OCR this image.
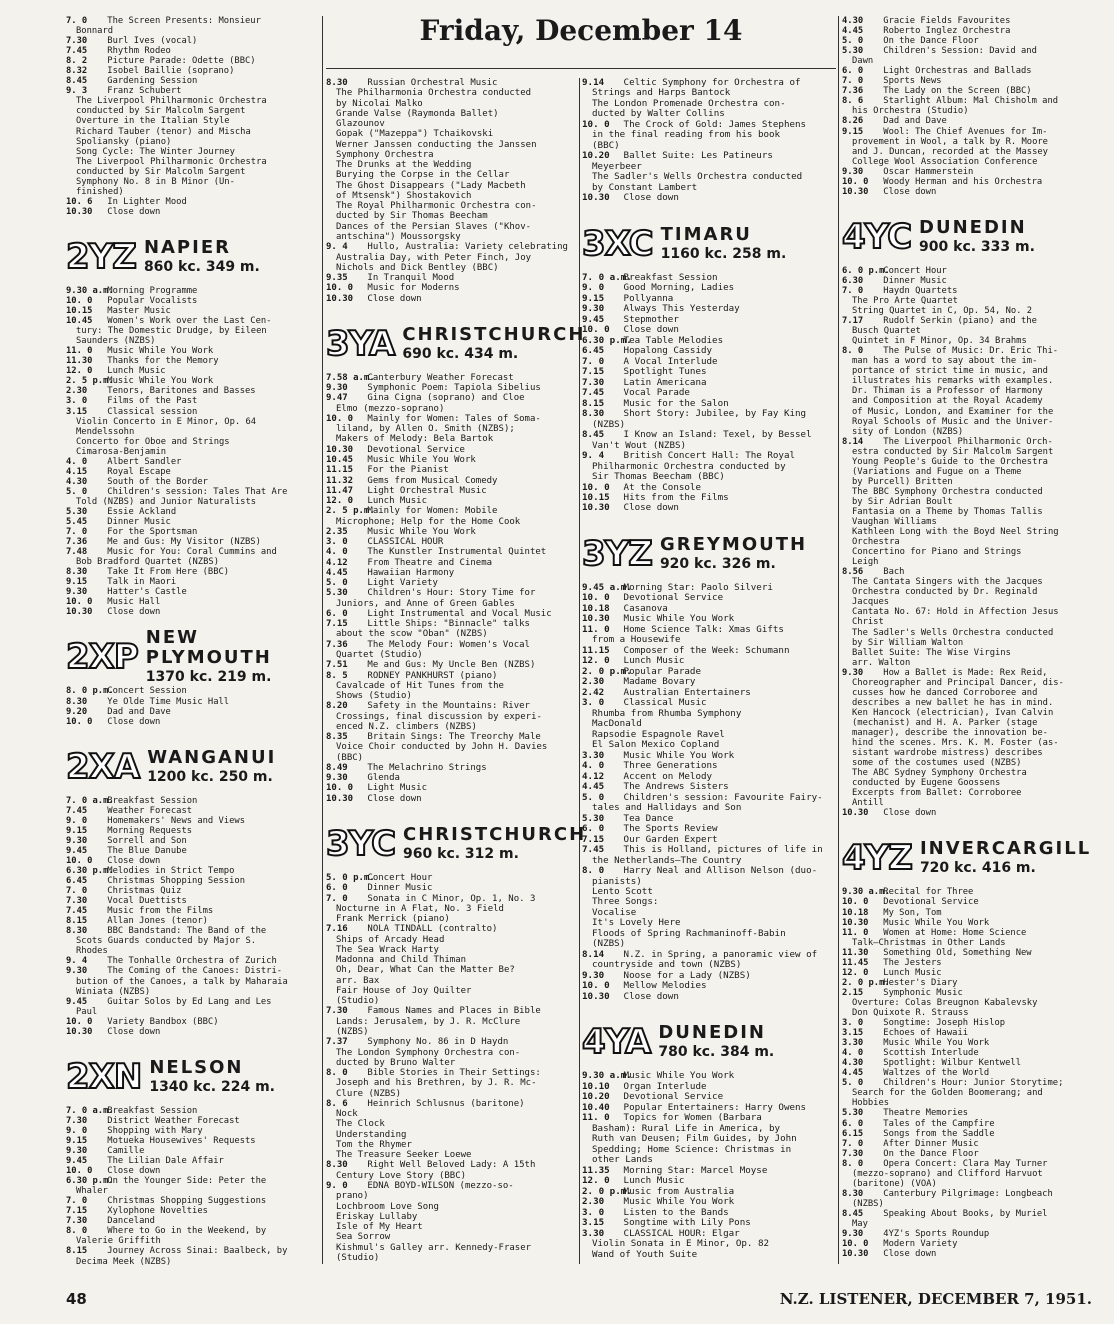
Friday, December 14
7. 0 The Screen Presents: Monsieur
Bonnard
7.30 Burl Ives (vocal)
7.45 Rhythm Rodeo
8. 2 Picture Parade: Odette (BBC)
8.32 Isobel Baillie (soprano)
8.45 Gardening Session
9. 3 Franz Schubert
The Liverpool Philharmonic Orchestra
conducted by Sir Malcolm Sargent
Overture in the Italian Style
Richard Tauber (tenor) and Mischa
Spoliansky (piano)
Song Cycle: The Winter Journey
The Liverpool Philharmonic Orchestra
conducted by Sir Malcolm Sargent
Symphony No. 8 in B Minor (Un-
finished)
10. 6 In Lighter Mood
10.30 Close down
2YZ NAPIER
860 kc. 349 m.
9.30 a.m. Morning Programme
10. 0 Popular Vocalists
10.15 Master Music
10.45 Women's Work over the Last Cen-
tury: The Domestic Drudge, by Eileen
Saunders (NZBS)
11. 0 Music While You Work
11.30 Thanks for the Memory
12. 0 Lunch Music
2. 5 p.m. Music While You Work
2.30 Tenors, Baritones and Basses
3. 0 Films of the Past
3.15 Classical session
Violin Concerto in E Minor, Op. 64
Mendelssohn
Concerto for Oboe and Strings
Cimarosa-Benjamin
4. 0 Albert Sandler
4.15 Royal Escape
4.30 South of the Border
5. 0 Children's session: Tales That Are
Told (NZBS) and Junior Naturalists
5.30 Essie Ackland
5.45 Dinner Music
7. 0 For the Sportsman
7.36 Me and Gus: My Visitor (NZBS)
7.48 Music for You: Coral Cummins and
Bob Bradford Quartet (NZBS)
8.30 Take It From Here (BBC)
9.15 Talk in Maori
9.30 Hatter's Castle
10. 0 Music Hall
10.30 Close down
2XP NEW PLYMOUTH
1370 kc. 219 m.
8. 0 p.m. Concert Session
8.30 Ye Olde Time Music Hall
9.20 Dad and Dave
10. 0 Close down
2XA WANGANUI
1200 kc. 250 m.
7. 0 a.m. Breakfast Session
7.45 Weather Forecast
9. 0 Homemakers' News and Views
9.15 Morning Requests
9.30 Sorrell and Son
9.45 The Blue Danube
10. 0 Close down
6.30 p.m. Melodies in Strict Tempo
6.45 Christmas Shopping Session
7. 0 Christmas Quiz
7.30 Vocal Duettists
7.45 Music from the Films
8.15 Allan Jones (tenor)
8.30 BBC Bandstand: The Band of the
Scots Guards conducted by Major S.
Rhodes
9. 4 The Tonhalle Orchestra of Zurich
9.30 The Coming of the Canoes: Distri-
bution of the Canoes, a talk by Maharaia
Winiata (NZBS)
9.45 Guitar Solos by Ed Lang and Les
Paul
10. 0 Variety Bandbox (BBC)
10.30 Close down
2XN NELSON
1340 kc. 224 m.
7. 0 a.m. Breakfast Session
7.30 District Weather Forecast
9. 0 Shopping with Mary
9.15 Motueka Housewives' Requests
9.30 Camille
9.45 The Lilian Dale Affair
10. 0 Close down
6.30 p.m. On the Younger Side: Peter the
Whaler
7. 0 Christmas Shopping Suggestions
7.15 Xylophone Novelties
7.30 Danceland
8. 0 Where to Go in the Weekend, by
Valerie Griffith
8.15 Journey Across Sinai: Baalbeck, by
Decima Meek (NZBS)
8.30 Russian Orchestral Music
The Philharmonia Orchestra conducted
by Nicolai Malko
Grande Valse (Raymonda Ballet)
Glazounov
Gopak ("Mazeppa") Tchaikovski
Werner Janssen conducting the Janssen
Symphony Orchestra
The Drunks at the Wedding
Burying the Corpse in the Cellar
The Ghost Disappears ("Lady Macbeth
of Mtsensk") Shostakovich
The Royal Philharmonic Orchestra con-
ducted by Sir Thomas Beecham
Dances of the Persian Slaves ("Khov-
antschina") Moussorgsky
9. 4 Hullo, Australia: Variety celebrating
Australia Day, with Peter Finch, Joy
Nichols and Dick Bentley (BBC)
9.35 In Tranquil Mood
10. 0 Music for Moderns
10.30 Close down
3YA CHRISTCHURCH
690 kc. 434 m.
7.58 a.m. Canterbury Weather Forecast
9.30 Symphonic Poem: Tapiola Sibelius
9.47 Gina Cigna (soprano) and Cloe
Elmo (mezzo-soprano)
10. 0 Mainly for Women: Tales of Soma-
liland, by Allen O. Smith (NZBS);
Makers of Melody: Bela Bartok
10.30 Devotional Service
10.45 Music While You Work
11.15 For the Pianist
11.32 Gems from Musical Comedy
11.47 Light Orchestral Music
12. 0 Lunch Music
2. 5 p.m. Mainly for Women: Mobile
Microphone; Help for the Home Cook
2.35 Music While You Work
3. 0 CLASSICAL HOUR
4. 0 The Kunstler Instrumental Quintet
4.12 From Theatre and Cinema
4.45 Hawaiian Harmony
5. 0 Light Variety
5.30 Children's Hour: Story Time for
Juniors, and Anne of Green Gables
6. 0 Light Instrumental and Vocal Music
7.15 Little Ships: "Binnacle" talks
about the scow "Oban" (NZBS)
7.36 The Melody Four: Women's Vocal
Quartet (Studio)
7.51 Me and Gus: My Uncle Ben (NZBS)
8. 5 RODNEY PANKHURST (piano)
Cavalcade of Hit Tunes from the
Shows (Studio)
8.20 Safety in the Mountains: River
Crossings, final discussion by experi-
enced N.Z. climbers (NZBS)
8.35 Britain Sings: The Treorchy Male
Voice Choir conducted by John H. Davies
(BBC)
8.49 The Melachrino Strings
9.30 Glenda
10. 0 Light Music
10.30 Close down
3YC CHRISTCHURCH
960 kc. 312 m.
5. 0 p.m. Concert Hour
6. 0 Dinner Music
7. 0 Sonata in C Minor, Op. 1, No. 3
Nocturne in A Flat, No. 3 Field
Frank Merrick (piano)
7.16 NOLA TINDALL (contralto)
Ships of Arcady Head
The Sea Wrack Harty
Madonna and Child Thiman
Oh, Dear, What Can the Matter Be?
arr. Bax
Fair House of Joy Quilter
(Studio)
7.30 Famous Names and Places in Bible
Lands: Jerusalem, by J. R. McClure
(NZBS)
7.37 Symphony No. 86 in D Haydn
The London Symphony Orchestra con-
ducted by Bruno Walter
8. 0 Bible Stories in Their Settings:
Joseph and his Brethren, by J. R. Mc-
Clure (NZBS)
8. 6 Heinrich Schlusnus (baritone)
Nock
The Clock
Understanding
Tom the Rhymer
The Treasure Seeker Loewe
8.30 Right Well Beloved Lady: A 15th
Century Love Story (BBC)
9. 0 EDNA BOYD-WILSON (mezzo-so-
prano)
Lochbroom Love Song
Eriskay Lullaby
Isle of My Heart
Sea Sorrow
Kishmul's Galley arr. Kennedy-Fraser
(Studio)
9.14 Celtic Symphony for Orchestra of
Strings and Harps Bantock
The London Promenade Orchestra con-
ducted by Walter Collins
10. 0 The Crock of Gold: James Stephens
in the final reading from his book
(BBC)
10.20 Ballet Suite: Les Patineurs
Meyerbeer
The Sadler's Wells Orchestra conducted
by Constant Lambert
10.30 Close down
3XC TIMARU
1160 kc. 258 m.
7. 0 a.m. Breakfast Session
9. 0 Good Morning, Ladies
9.15 Pollyanna
9.30 Always This Yesterday
9.45 Stepmother
10. 0 Close down
6.30 p.m. Tea Table Melodies
6.45 Hopalong Cassidy
7. 0 A Vocal Interlude
7.15 Spotlight Tunes
7.30 Latin Americana
7.45 Vocal Parade
8.15 Music for the Salon
8.30 Short Story: Jubilee, by Fay King
(NZBS)
8.45 I Know an Island: Texel, by Bessel
Van't Wout (NZBS)
9. 4 British Concert Hall: The Royal
Philharmonic Orchestra conducted by
Sir Thomas Beecham (BBC)
10. 0 At the Console
10.15 Hits from the Films
10.30 Close down
3YZ GREYMOUTH
920 kc. 326 m.
9.45 a.m. Morning Star: Paolo Silveri
10. 0 Devotional Service
10.18 Casanova
10.30 Music While You Work
11. 0 Home Science Talk: Xmas Gifts
from a Housewife
11.15 Composer of the Week: Schumann
12. 0 Lunch Music
2. 0 p.m. Popular Parade
2.30 Madame Bovary
2.42 Australian Entertainers
3. 0 Classical Music
Rhumba from Rhumba Symphony
MacDonald
Rapsodie Espagnole Ravel
El Salon Mexico Copland
3.30 Music While You Work
4. 0 Three Generations
4.12 Accent on Melody
4.45 The Andrews Sisters
5. 0 Children's session: Favourite Fairy-
tales and Hallidays and Son
5.30 Tea Dance
6. 0 The Sports Review
7.15 Our Garden Expert
7.45 This is Holland, pictures of life in
the Netherlands—The Country
8. 0 Harry Neal and Allison Nelson (duo-
pianists)
Lento Scott
Three Songs:
Vocalise
It's Lovely Here
Floods of Spring Rachmaninoff-Babin
(NZBS)
8.14 N.Z. in Spring, a panoramic view of
countryside and town (NZBS)
9.30 Noose for a Lady (NZBS)
10. 0 Mellow Melodies
10.30 Close down
4YA DUNEDIN
780 kc. 384 m.
9.30 a.m. Music While You Work
10.10 Organ Interlude
10.20 Devotional Service
10.40 Popular Entertainers: Harry Owens
11. 0 Topics for Women (Barbara
Basham): Rural Life in America, by
Ruth van Deusen; Film Guides, by John
Spedding; Home Science: Christmas in
other Lands
11.35 Morning Star: Marcel Moyse
12. 0 Lunch Music
2. 0 p.m. Music from Australia
2.30 Music While You Work
3. 0 Listen to the Bands
3.15 Songtime with Lily Pons
3.30 CLASSICAL HOUR: Elgar
Violin Sonata in E Minor, Op. 82
Wand of Youth Suite
4.30 Gracie Fields Favourites
4.45 Roberto Inglez Orchestra
5. 0 On the Dance Floor
5.30 Children's Session: David and
Dawn
6. 0 Light Orchestras and Ballads
7. 0 Sports News
7.36 The Lady on the Screen (BBC)
8. 6 Starlight Album: Mal Chisholm and
his Orchestra (Studio)
8.26 Dad and Dave
9.15 Wool: The Chief Avenues for Im-
provement in Wool, a talk by R. Moore
and J. Duncan, recorded at the Massey
College Wool Association Conference
9.30 Oscar Hammerstein
10. 0 Woody Herman and his Orchestra
10.30 Close down
4YC DUNEDIN
900 kc. 333 m.
6. 0 p.m. Concert Hour
6.30 Dinner Music
7. 0 Haydn Quartets
The Pro Arte Quartet
String Quartet in C, Op. 54, No. 2
7.17 Rudolf Serkin (piano) and the
Busch Quartet
Quintet in F Minor, Op. 34 Brahms
8. 0 The Pulse of Music: Dr. Eric Thi-
man has a word to say about the im-
portance of strict time in music, and
illustrates his remarks with examples.
Dr. Thiman is a Professor of Harmony
and Composition at the Royal Academy
of Music, London, and Examiner for the
Royal Schools of Music and the Univer-
sity of London (NZBS)
8.14 The Liverpool Philharmonic Orch-
estra conducted by Sir Malcolm Sargent
Young People's Guide to the Orchestra
(Variations and Fugue on a Theme
by Purcell) Britten
The BBC Symphony Orchestra conducted
by Sir Adrian Boult
Fantasia on a Theme by Thomas Tallis
Vaughan Williams
Kathleen Long with the Boyd Neel String
Orchestra
Concertino for Piano and Strings
Leigh
8.56 Bach
The Cantata Singers with the Jacques
Orchestra conducted by Dr. Reginald
Jacques
Cantata No. 67: Hold in Affection Jesus
Christ
The Sadler's Wells Orchestra conducted
by Sir William Walton
Ballet Suite: The Wise Virgins
arr. Walton
9.30 How a Ballet is Made: Rex Reid,
Choreographer and Principal Dancer, dis-
cusses how he danced Corroboree and
describes a new ballet he has in mind.
Ken Hancock (electrician), Ivan Calvin
(mechanist) and H. A. Parker (stage
manager), describe the innovation be-
hind the scenes. Mrs. K. M. Foster (as-
sistant wardrobe mistress) describes
some of the costumes used (NZBS)
The ABC Sydney Symphony Orchestra
conducted by Eugene Goossens
Excerpts from Ballet: Corroboree
Antill
10.30 Close down
4YZ INVERCARGILL
720 kc. 416 m.
9.30 a.m. Recital for Three
10. 0 Devotional Service
10.18 My Son, Tom
10.30 Music While You Work
11. 0 Women at Home: Home Science
Talk—Christmas in Other Lands
11.30 Something Old, Something New
11.45 The Jesters
12. 0 Lunch Music
2. 0 p.m. Hester's Diary
2.15 Symphonic Music
Overture: Colas Breugnon Kabalevsky
Don Quixote R. Strauss
3. 0 Songtime: Joseph Hislop
3.15 Echoes of Hawaii
3.30 Music While You Work
4. 0 Scottish Interlude
4.30 Spotlight: Wilbur Kentwell
4.45 Waltzes of the World
5. 0 Children's Hour: Junior Storytime;
Search for the Golden Boomerang; and
Hobbies
5.30 Theatre Memories
6. 0 Tales of the Campfire
6.15 Songs from the Saddle
7. 0 After Dinner Music
7.30 On the Dance Floor
8. 0 Opera Concert: Clara May Turner
(mezzo-soprano) and Clifford Harvuot
(baritone) (VOA)
8.30 Canterbury Pilgrimage: Longbeach
(NZBS)
8.45 Speaking About Books, by Muriel
May
9.30 4YZ's Sports Roundup
10. 0 Modern Variety
10.30 Close down
48	N.Z. LISTENER, DECEMBER 7, 1951.
